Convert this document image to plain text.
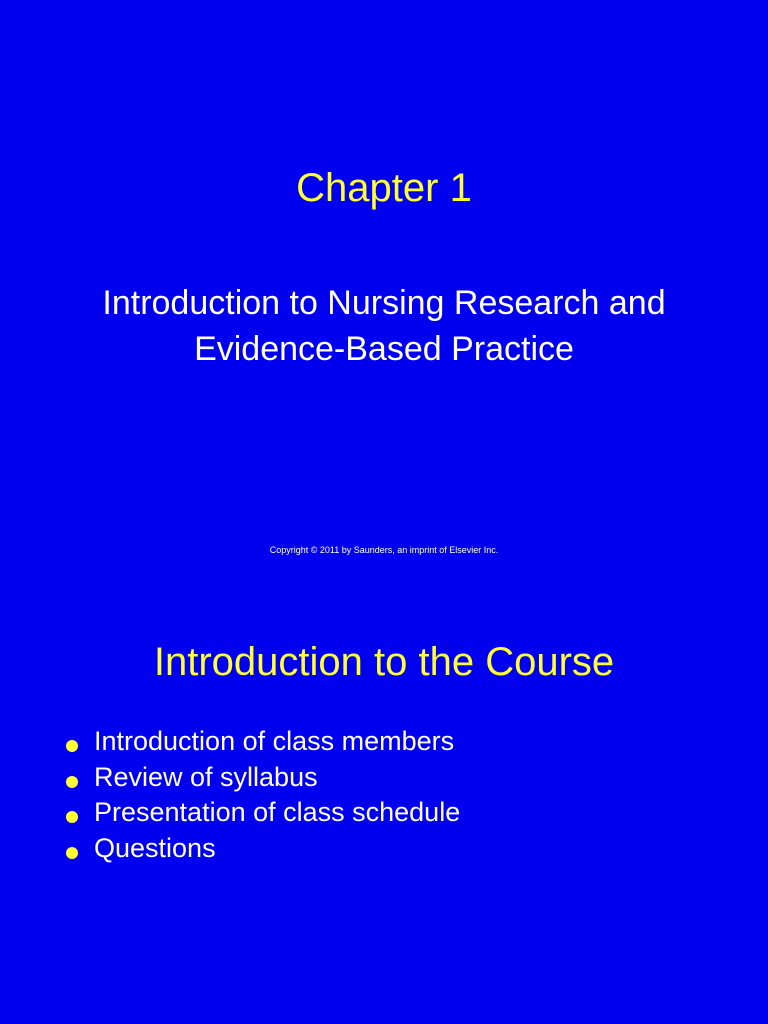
Chapter 1
Introduction to Nursing Research and
Evidence-Based Practice
Copyright © 2011 by Saunders, an imprint of Elsevier Inc.
Introduction to the Course
Introduction of class members
Review of syllabus
Presentation of class schedule
Questions
